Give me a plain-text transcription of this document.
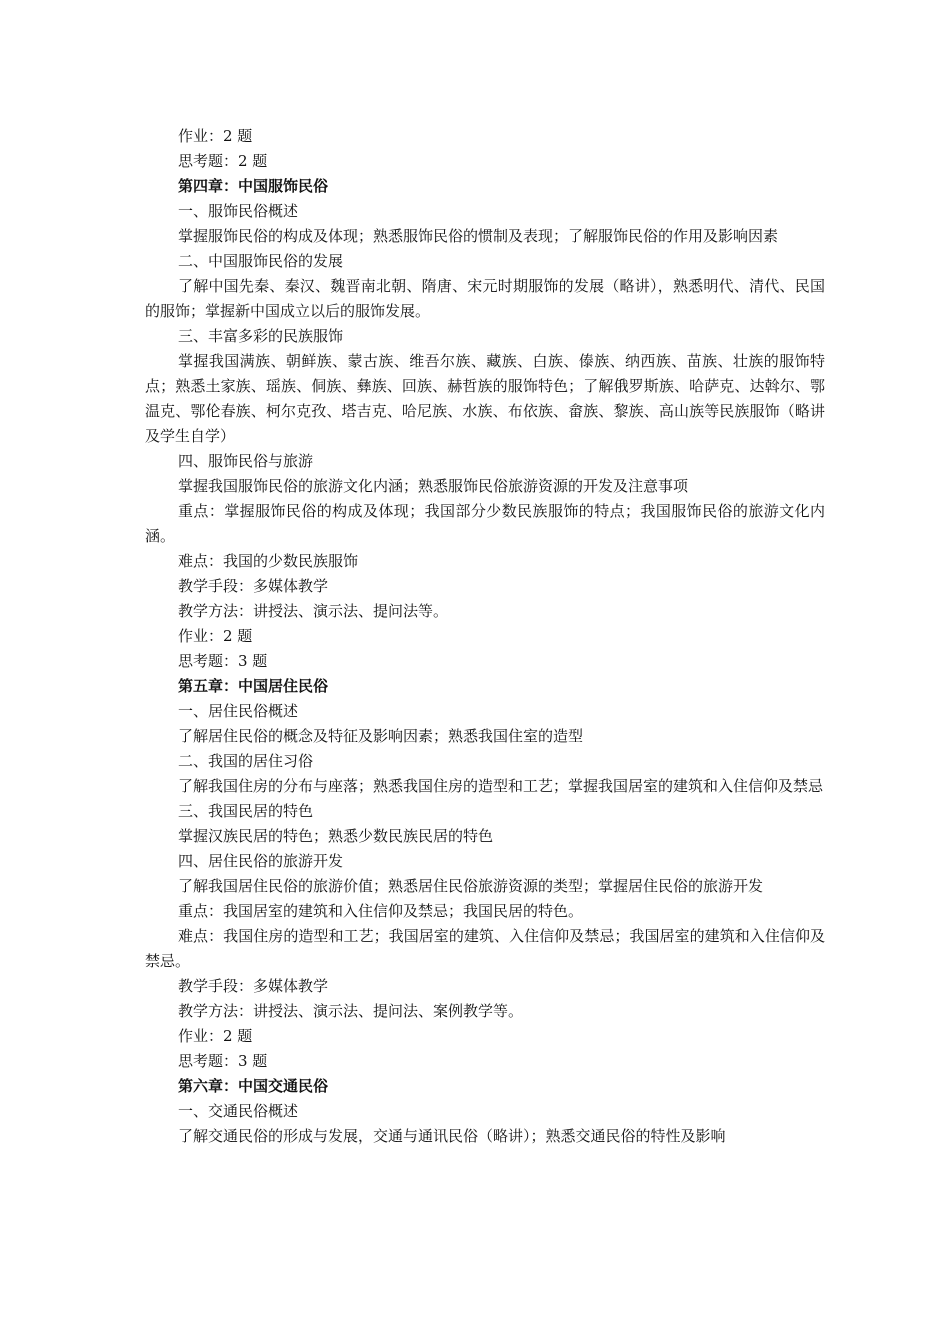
作业：2 题

思考题：2 题

第四章：中国服饰民俗

一、服饰民俗概述

掌握服饰民俗的构成及体现；熟悉服饰民俗的惯制及表现；了解服饰民俗的作用及影响因素

二、中国服饰民俗的发展

了解中国先秦、秦汉、魏晋南北朝、隋唐、宋元时期服饰的发展（略讲），熟悉明代、清代、民国的服饰；掌握新中国成立以后的服饰发展。

三、丰富多彩的民族服饰

掌握我国满族、朝鲜族、蒙古族、维吾尔族、藏族、白族、傣族、纳西族、苗族、壮族的服饰特点；熟悉土家族、瑶族、侗族、彝族、回族、赫哲族的服饰特色；了解俄罗斯族、哈萨克、达斡尔、鄂温克、鄂伦春族、柯尔克孜、塔吉克、哈尼族、水族、布依族、畲族、黎族、高山族等民族服饰（略讲及学生自学）

四、服饰民俗与旅游

掌握我国服饰民俗的旅游文化内涵；熟悉服饰民俗旅游资源的开发及注意事项

重点：掌握服饰民俗的构成及体现；我国部分少数民族服饰的特点；我国服饰民俗的旅游文化内涵。

难点：我国的少数民族服饰

教学手段：多媒体教学

教学方法：讲授法、演示法、提问法等。

作业：2 题

思考题：3 题

第五章：中国居住民俗

一、居住民俗概述

了解居住民俗的概念及特征及影响因素；熟悉我国住室的造型

二、我国的居住习俗

了解我国住房的分布与座落；熟悉我国住房的造型和工艺；掌握我国居室的建筑和入住信仰及禁忌

三、我国民居的特色

掌握汉族民居的特色；熟悉少数民族民居的特色

四、居住民俗的旅游开发

了解我国居住民俗的旅游价值；熟悉居住民俗旅游资源的类型；掌握居住民俗的旅游开发

重点：我国居室的建筑和入住信仰及禁忌；我国民居的特色。

难点：我国住房的造型和工艺；我国居室的建筑、入住信仰及禁忌；我国居室的建筑和入住信仰及禁忌。

教学手段：多媒体教学

教学方法：讲授法、演示法、提问法、案例教学等。

作业：2 题

思考题：3 题

第六章：中国交通民俗

一、交通民俗概述

了解交通民俗的形成与发展，交通与通讯民俗（略讲）；熟悉交通民俗的特性及影响
